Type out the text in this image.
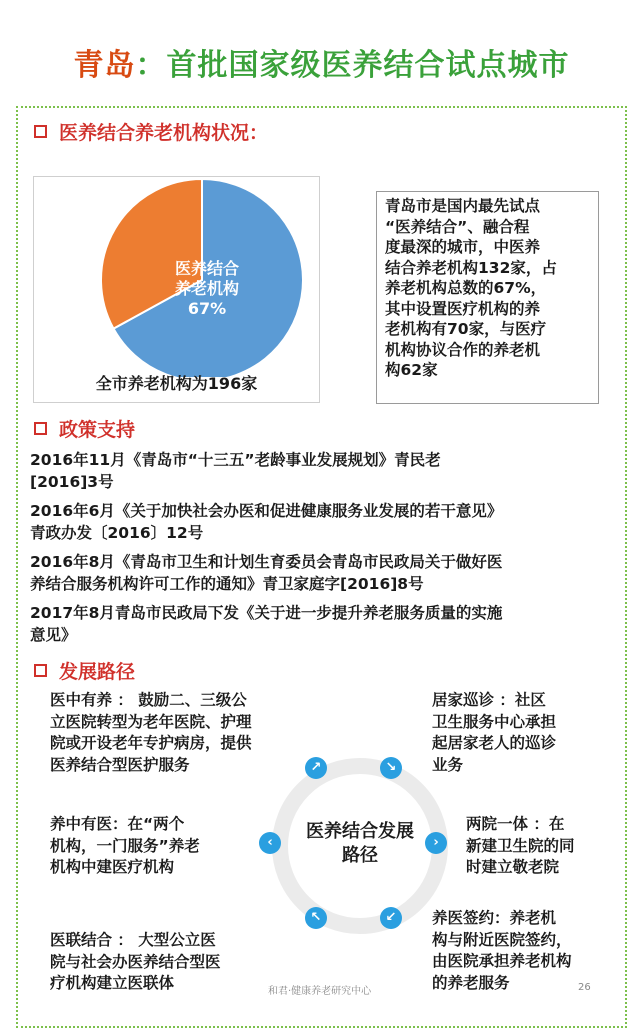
青岛：首批国家级医养结合试点城市
医养结合养老机构状况：
医养结合
养老机构
67%
全市养老机构为196家
青岛市是国内最先试点
“医养结合”、融合程
度最深的城市，中医养
结合养老机构132家，占
养老机构总数的67%，
其中设置医疗机构的养
老机构有70家，与医疗
机构协议合作的养老机
构62家
政策支持
2016年11月《青岛市“十三五”老龄事业发展规划》青民老
[2016]3号
2016年6月《关于加快社会办医和促进健康服务业发展的若干意见》
青政办发〔2016〕12号
2016年8月《青岛市卫生和计划生育委员会青岛市民政局关于做好医
养结合服务机构许可工作的通知》青卫家庭字[2016]8号
2017年8月青岛市民政局下发《关于进一步提升养老服务质量的实施
意见》
发展路径
医养结合发展
路径
↗	↘
‹	›
↖	↙
医中有养 ： 鼓励二、三级公
立医院转型为老年医院、护理
院或开设老年专护病房，提供
医养结合型医护服务
居家巡诊 ：社区
卫生服务中心承担
起居家老人的巡诊
业务
养中有医：在“两个
机构，一门服务”养老
机构中建医疗机构
两院一体 ：在
新建卫生院的同
时建立敬老院
医联结合 ： 大型公立医
院与社会办医养结合型医
疗机构建立医联体
养医签约：养老机
构与附近医院签约，
由医院承担养老机构
的养老服务
和君·健康养老研究中心	26
